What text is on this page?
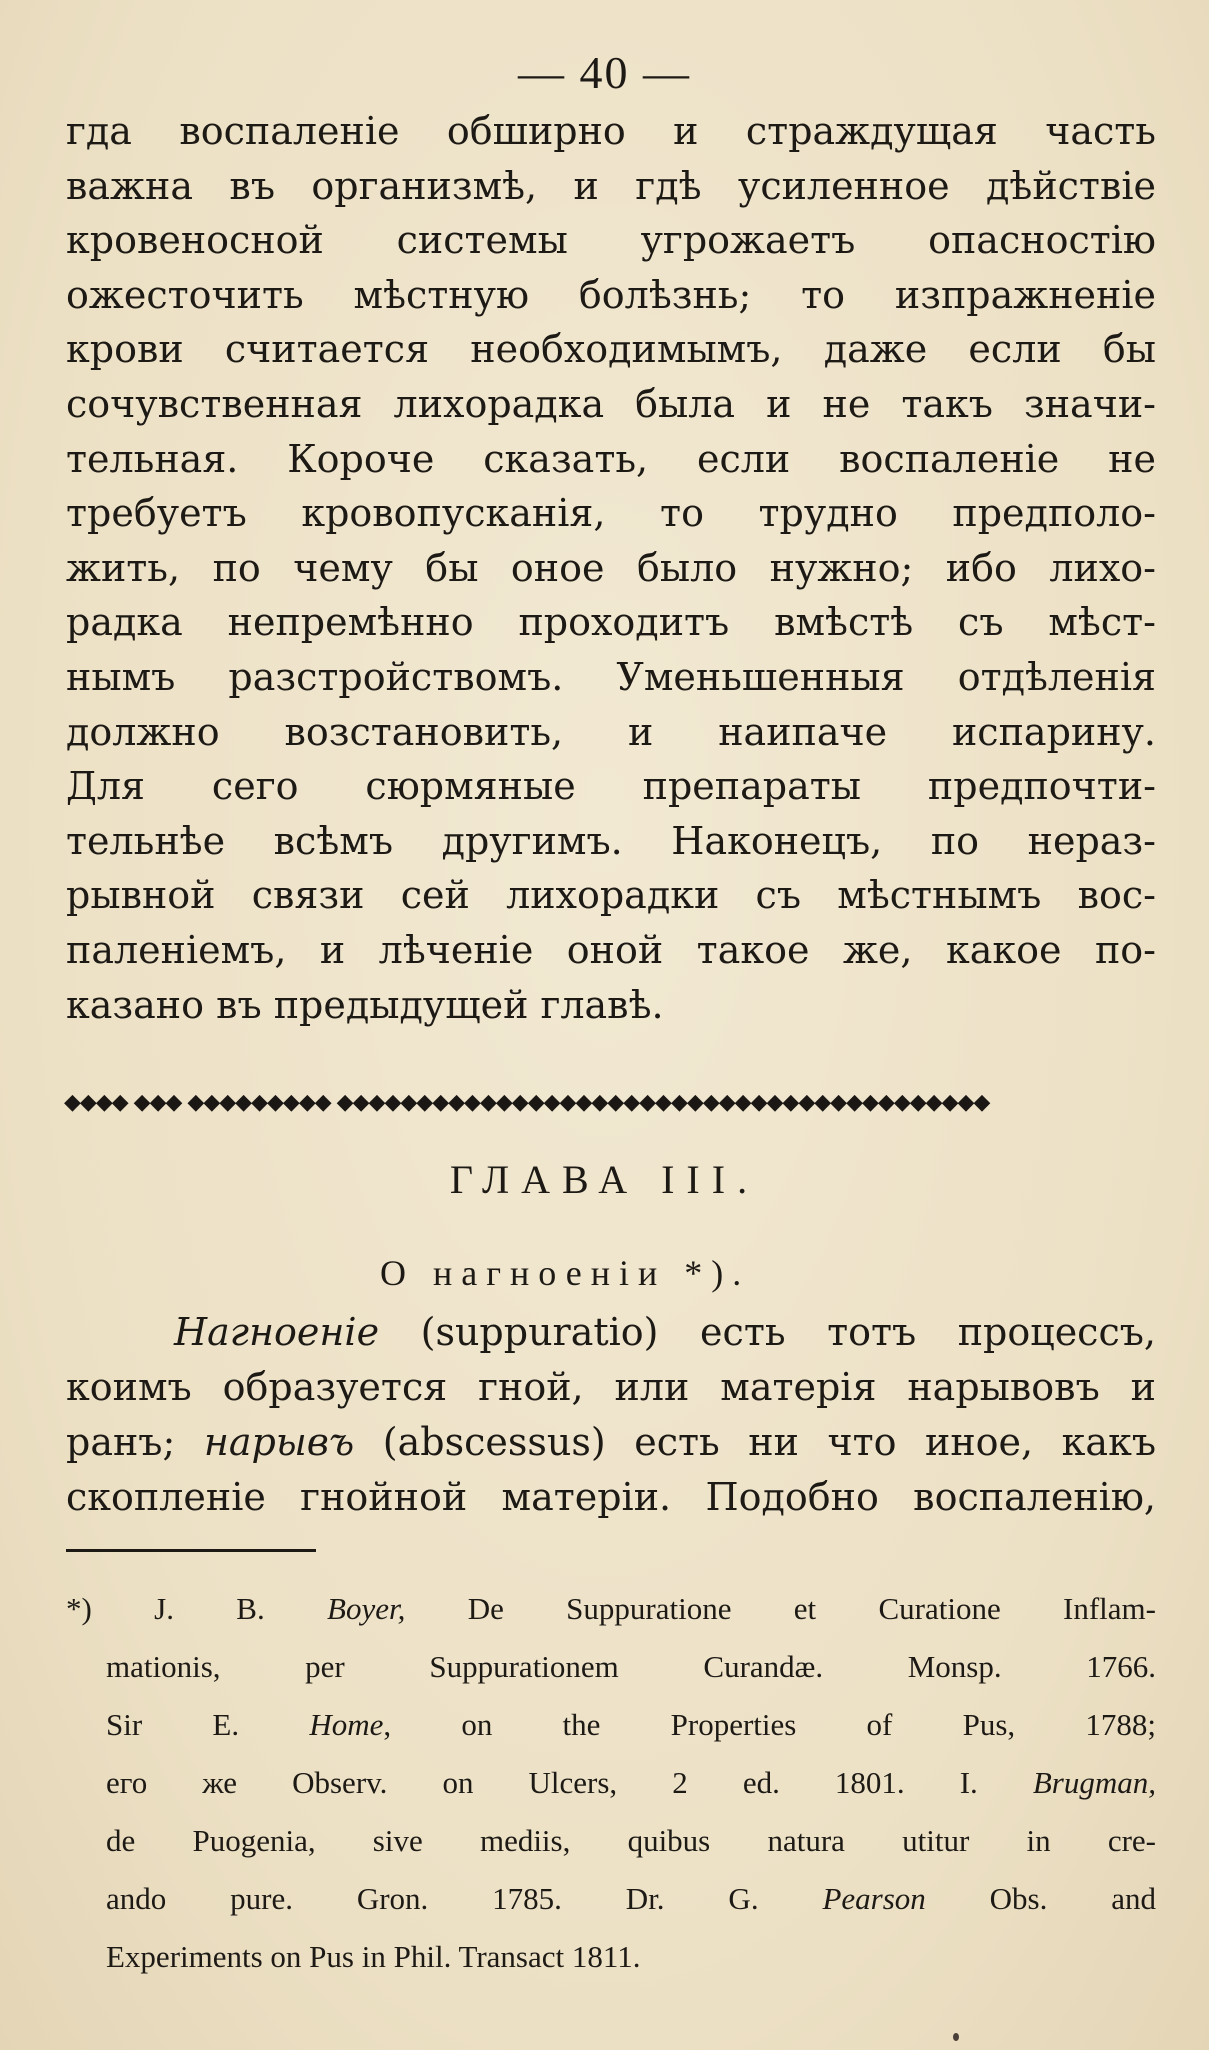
— 40 —
гда воспаленіе обширно и страждущая часть
важна въ организмѣ, и гдѣ усиленное дѣйствіе
кровеносной системы угрожаетъ опасностію
ожесточить мѣстную болѣзнь; то изпражненіе
крови считается необходимымъ, даже если бы
сочувственная лихорадка была и не такъ значи-
тельная. Короче сказать, если воспаленіе не
требуетъ кровопусканія, то трудно предполо-
жить, по чему бы оное было нужно; ибо лихо-
радка непремѣнно проходитъ вмѣстѣ съ мѣст-
нымъ разстройствомъ. Уменьшенныя отдѣленія
должно возстановить, и наипаче испарину.
Для сего сюрмяные препараты предпочти-
тельнѣе всѣмъ другимъ. Наконецъ, по нераз-
рывной связи сей лихорадки съ мѣстнымъ вос-
паленіемъ, и лѣченіе оной такое же, какое по-
казано въ предыдущей главѣ.
◆◆◆◆ ◆◆◆ ◆◆◆◆◆◆◆◆◆ ◆◆◆◆◆◆◆◆◆◆◆◆◆◆◆◆◆◆◆◆◆◆◆◆◆◆◆◆◆◆◆◆◆◆◆◆◆◆◆◆◆
ГЛАВА III.
О нагноеніи *).
Нагноеніе (suppuratio) есть тотъ процессъ,
коимъ образуется гной, или матерія нарывовъ и
ранъ; нарывъ (abscessus) есть ни что иное, какъ
скопленіе гнойной матеріи. Подобно воспаленію,
*) J. B. Boyer, De Suppuratione et Curatione Inflam-
mationis, per Suppurationem Curandæ. Monsp. 1766.
Sir E. Home, on the Properties of Pus, 1788;
его же Observ. on Ulcers, 2 ed. 1801. I. Brugman,
de Puogenia, sive mediis, quibus natura utitur in cre-
ando pure. Gron. 1785. Dr. G. Pearson Obs. and
Experiments on Pus in Phil. Transact 1811.
